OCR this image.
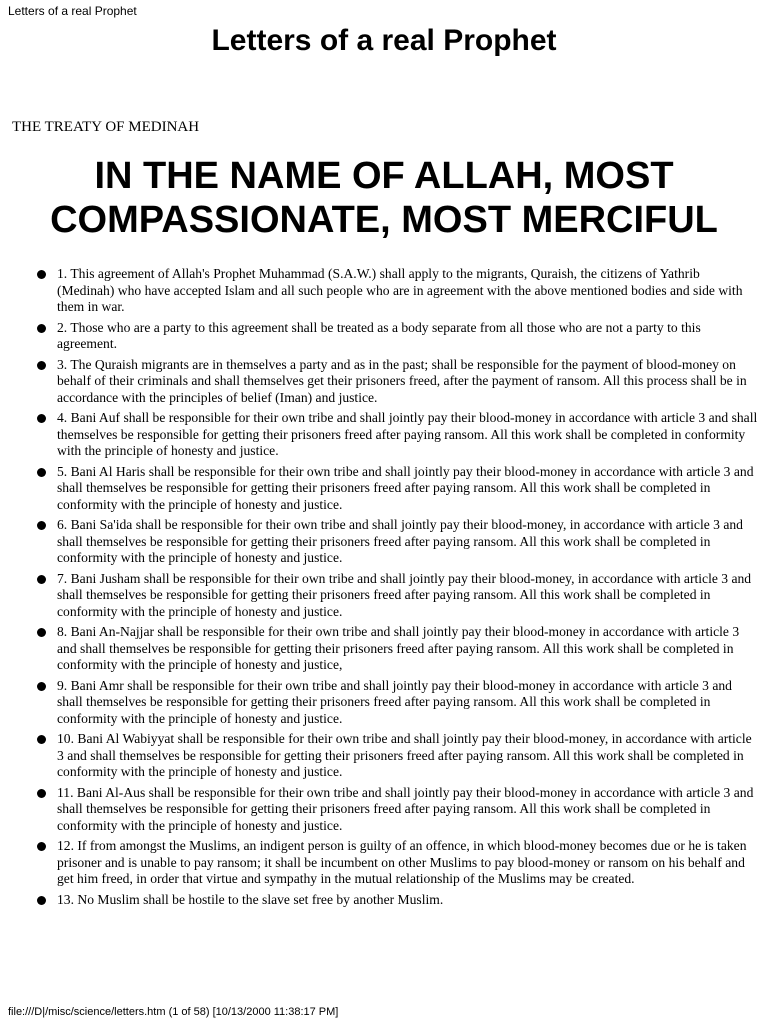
Letters of a real Prophet
Letters of a real Prophet
THE TREATY OF MEDINAH
IN THE NAME OF ALLAH, MOST COMPASSIONATE, MOST MERCIFUL
1. This agreement of Allah's Prophet Muhammad (S.A.W.) shall apply to the migrants, Quraish, the citizens of Yathrib (Medinah) who have accepted Islam and all such people who are in agreement with the above mentioned bodies and side with them in war.
2. Those who are a party to this agreement shall be treated as a body separate from all those who are not a party to this agreement.
3. The Quraish migrants are in themselves a party and as in the past; shall be responsible for the payment of blood-money on behalf of their criminals and shall themselves get their prisoners freed, after the payment of ransom. All this process shall be in accordance with the principles of belief (Iman) and justice.
4. Bani Auf shall be responsible for their own tribe and shall jointly pay their blood-money in accordance with article 3 and shall themselves be responsible for getting their prisoners freed after paying ransom. All this work shall be completed in conformity with the principle of honesty and justice.
5. Bani Al Haris shall be responsible for their own tribe and shall jointly pay their blood-money in accordance with article 3 and shall themselves be responsible for getting their prisoners freed after paying ransom. All this work shall be completed in conformity with the principle of honesty and justice.
6. Bani Sa'ida shall be responsible for their own tribe and shall jointly pay their blood-money, in accordance with article 3 and shall themselves be responsible for getting their prisoners freed after paying ransom. All this work shall be completed in conformity with the principle of honesty and justice.
7. Bani Jusham shall be responsible for their own tribe and shall jointly pay their blood-money, in accordance with article 3 and shall themselves be responsible for getting their prisoners freed after paying ransom. All this work shall be completed in conformity with the principle of honesty and justice.
8. Bani An-Najjar shall be responsible for their own tribe and shall jointly pay their blood-money in accordance with article 3 and shall themselves be responsible for getting their prisoners freed after paying ransom. All this work shall be completed in conformity with the principle of honesty and justice,
9. Bani Amr shall be responsible for their own tribe and shall jointly pay their blood-money in accordance with article 3 and shall themselves be responsible for getting their prisoners freed after paying ransom. All this work shall be completed in conformity with the principle of honesty and justice.
10. Bani Al Wabiyyat shall be responsible for their own tribe and shall jointly pay their blood-money, in accordance with article 3 and shall themselves be responsible for getting their prisoners freed after paying ransom. All this work shall be completed in conformity with the principle of honesty and justice.
11. Bani Al-Aus shall be responsible for their own tribe and shall jointly pay their blood-money in accordance with article 3 and shall themselves be responsible for getting their prisoners freed after paying ransom. All this work shall be completed in conformity with the principle of honesty and justice.
12. If from amongst the Muslims, an indigent person is guilty of an offence, in which blood-money becomes due or he is taken prisoner and is unable to pay ransom; it shall be incumbent on other Muslims to pay blood-money or ransom on his behalf and get him freed, in order that virtue and sympathy in the mutual relationship of the Muslims may be created.
13. No Muslim shall be hostile to the slave set free by another Muslim.
file:///D|/misc/science/letters.htm (1 of 58) [10/13/2000 11:38:17 PM]
